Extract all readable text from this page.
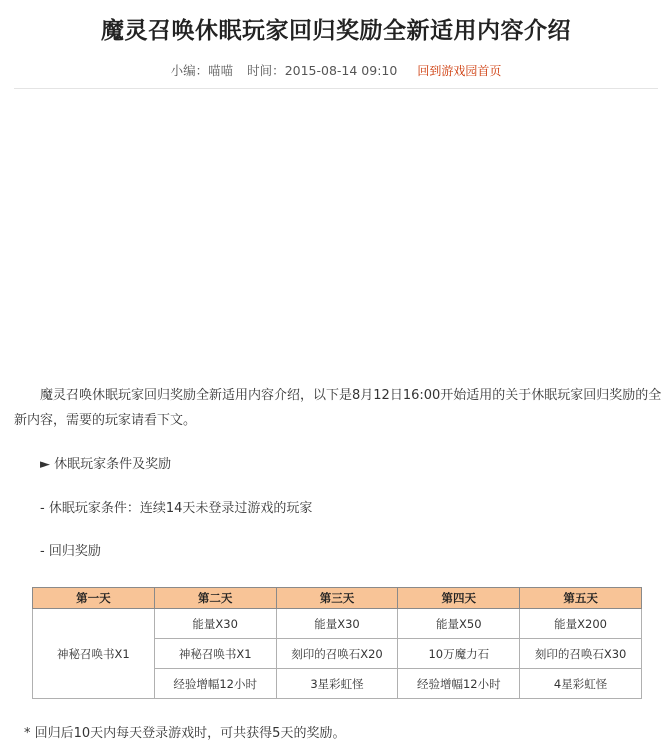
魔灵召唤休眠玩家回归奖励全新适用内容介绍
小编：喵喵 时间：2015-08-14 09:10 回到游戏园首页

魔灵召唤休眠玩家回归奖励全新适用内容介绍，以下是8月12日16:00开始适用的关于休眠玩家回归奖励的全新内容，需要的玩家请看下文。

► 休眠玩家条件及奖励

- 休眠玩家条件：连续14天未登录过游戏的玩家

- 回归奖励

第一天	第二天	第三天	第四天	第五天
神秘召唤书X1	能量X30	能量X30	能量X50	能量X200
	神秘召唤书X1	刻印的召唤石X20	10万魔力石	刻印的召唤石X30
	经验增幅12小时	3星彩虹怪	经验增幅12小时	4星彩虹怪

* 回归后10天内每天登录游戏时，可共获得5天的奖励。
